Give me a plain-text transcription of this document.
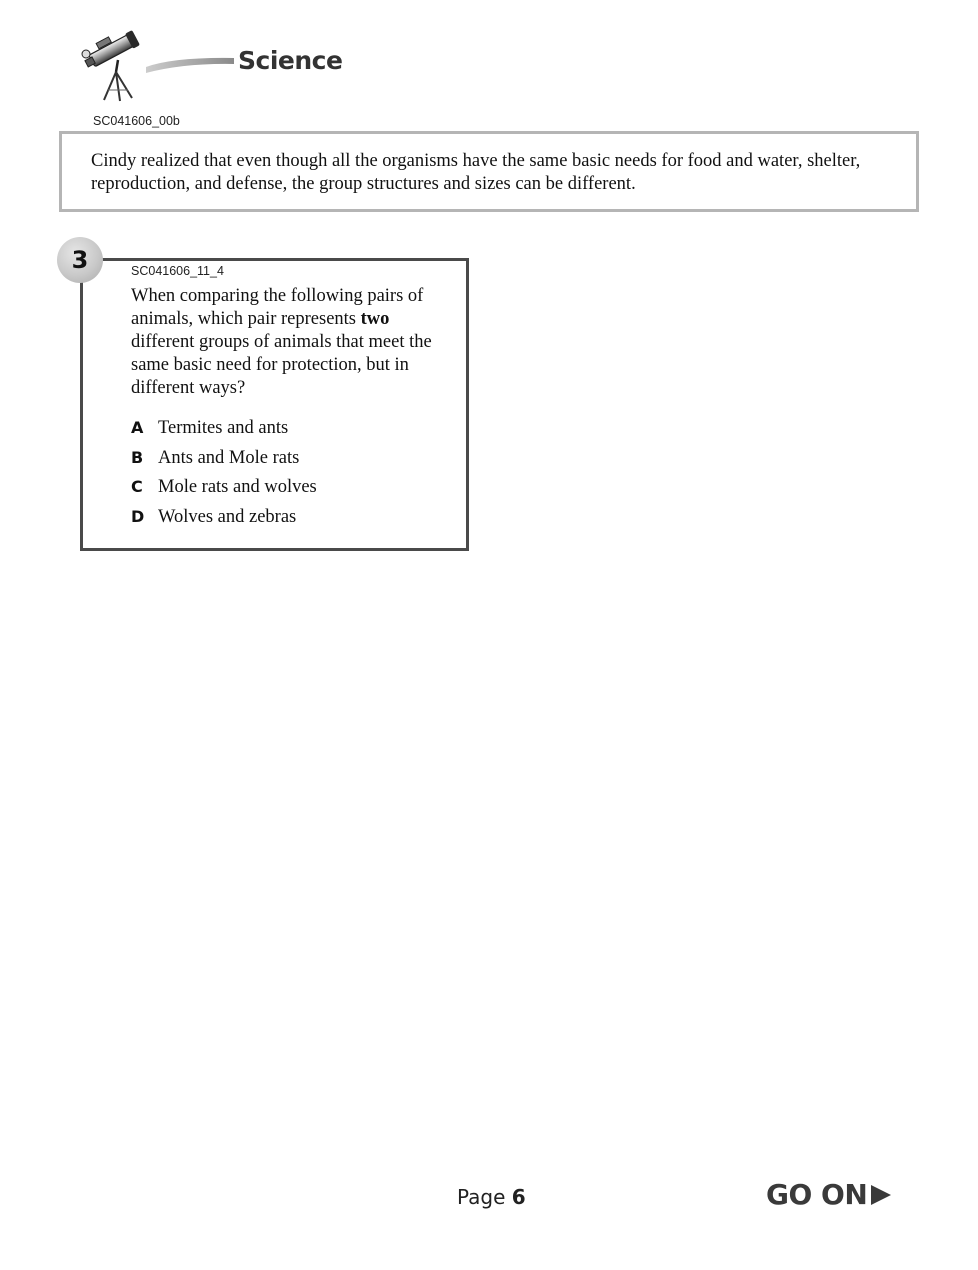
Science
SC041606_00b

Cindy realized that even though all the organisms have the same basic needs for food and water, shelter, reproduction, and defense, the group structures and sizes can be different.

3	SC041606_11_4

When comparing the following pairs of animals, which pair represents two different groups of animals that meet the same basic need for protection, but in different ways?

A Termites and ants
B Ants and Mole rats
C Mole rats and wolves
D Wolves and zebras
Page 6	GO ON
